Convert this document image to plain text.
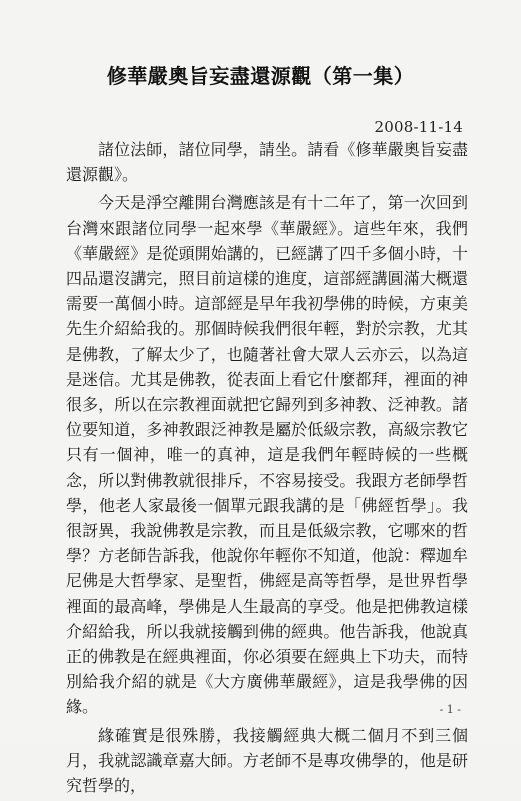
修華嚴奧旨妄盡還源觀（第一集）
2008-11-14

諸位法師，諸位同學，請坐。請看《修華嚴奧旨妄盡還源觀》。

今天是淨空離開台灣應該是有十二年了，第一次回到台灣來跟諸位同學一起來學《華嚴經》。這些年來，我們《華嚴經》是從頭開始講的，已經講了四千多個小時，十四品還沒講完，照目前這樣的進度，這部經講圓滿大概還需要一萬個小時。這部經是早年我初學佛的時候，方東美先生介紹給我的。那個時候我們很年輕，對於宗教，尤其是佛教，了解太少了，也隨著社會大眾人云亦云，以為這是迷信。尤其是佛教，從表面上看它什麼都拜，裡面的神很多，所以在宗教裡面就把它歸列到多神教、泛神教。諸位要知道，多神教跟泛神教是屬於低級宗教，高級宗教它只有一個神，唯一的真神，這是我們年輕時候的一些概念，所以對佛教就很排斥，不容易接受。我跟方老師學哲學，他老人家最後一個單元跟我講的是「佛經哲學」。我很訝異，我說佛教是宗教，而且是低級宗教，它哪來的哲學？方老師告訴我，他說你年輕你不知道，他說：釋迦牟尼佛是大哲學家、是聖哲，佛經是高等哲學，是世界哲學裡面的最高峰，學佛是人生最高的享受。他是把佛教這樣介紹給我，所以我就接觸到佛的經典。他告訴我，他說真正的佛教是在經典裡面，你必須要在經典上下功夫，而特別給我介紹的就是《大方廣佛華嚴經》，這是我學佛的因緣。

緣確實是很殊勝，我接觸經典大概二個月不到三個月，我就認識章嘉大師。方老師不是專攻佛學的，他是研究哲學的，

- 1 -
